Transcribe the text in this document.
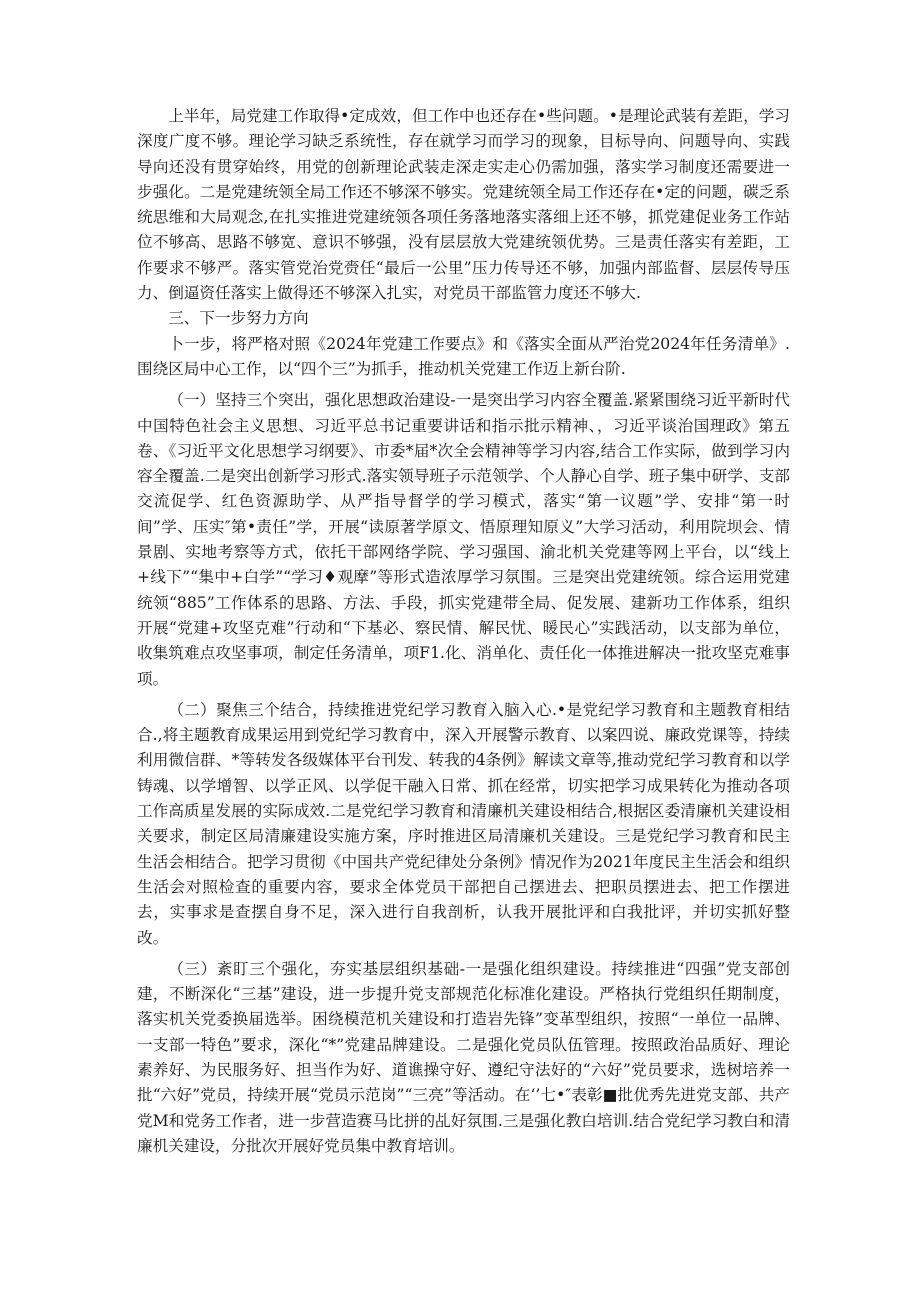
上半年，局党建工作取得•定成效，但工作中也还存在•些问题。•是理论武装有差距，学习深度广度不够。理论学习缺乏系统性，存在就学习而学习的现象，目标导向、问题导向、实践导向还没有贯穿始终，用党的创新理论武装走深走实走心仍需加强，落实学习制度还需要进一步强化。二是党建统领全局工作还不够深不够实。党建统领全局工作还存在•定的问题，碳乏系统思维和大局观念,在扎实推进党建统领各项任务落地落实落细上还不够，抓党建促业务工作站位不够高、思路不够宽、意识不够强，没有层层放大党建统领优势。三是责任落实有差距，工作要求不够严。落实管党治党赍任“最后一公里”压力传导还不够，加强内部监督、层层传导压力、倒逼资任落实上做得还不够深入扎实，对党员干部监管力度还不够大.

三、下一步努力方向

卜一步，将严格对照《2024年党建工作要点》和《落实全面从严治党2024年任务清单》.围绕区局中心工作，以“四个三”为抓手，推动机关党建工作迈上新台阶.

（一）坚持三个突出，强化思想政治建设-一是突出学习内容全覆盖.紧紧围绕习近平新时代中国特色社会主义思想、习近平总书记重要讲话和指示批示精神、，习近平谈治国理政》第五卷、《习近平文化思想学习纲要》、市委*届*次全会精神等学习内容,结合工作实际，做到学习内容全覆盖.二是突出创新学习形式.落实领导班子示范领学、个人静心自学、班子集中研学、支部交流促学、红色资源助学、从严指导督学的学习模式，落实“第一议题”学、安排“第一时间”学、压实″第•责任”学，开展“读原著学原文、悟原理知原义”大学习活动，利用院坝会、情景剧、实地考察等方式，依托干部网络学院、学习强国、渝北机关党建等网上平台，以“线上+线下”“集中+白学”“学习♦观摩”等形式造浓厚学习氛围。三是突出党建统领。综合运用党建统领“885”工作体系的思路、方法、手段，抓实党建带全局、促发展、建新功工作体系，组织开展“党建+攻坚克难”行动和“下基必、察民情、解民忧、暖民心”实践活动，以支部为单位，收集筑难点攻坚事项，制定任务清单，项F1.化、消单化、责任化一体推进解决一批攻坚克难事项。

（二）聚焦三个结合，持续推进党纪学习教育入脑入心.•是党纪学习教育和主题教育相结合.,将主题教育成果运用到党纪学习教育中，深入开展警示教育、以案四说、廉政党课等，持续利用微信群、*等转发各级媒体平台刊发、转我的4条例》解读文章等,推动党纪学习教育和以学铸魂、以学增智、以学正风、以学促干融入日常、抓在经常，切实把学习成果转化为推动各项工作高质星发展的实际成效.二是党纪学习教育和清廉机关建设相结合,根据区委清廉机关建设相关要求，制定区局清廉建设实施方案，序时推进区局清廉机关建设。三是党纪学习教育和民主生活会相结合。把学习贯彻《中国共产党纪律处分条例》情况作为2021年度民主生活会和组织生活会对照检查的重要内容，要求全体党员干部把自己摆进去、把职员摆进去、把工作摆进去，实事求是查摆自身不足，深入进行自我剖析，认我开展批评和白我批评，并切实抓好整改。

（三）紊盯三个强化，夯实基层组织基础-一是强化组织建设。持续推进“四强”党支部创建，不断深化“三基”建设，进一步提升党支部规范化标准化建设。严格执行党组织任期制度，落实机关党委换届选举。困绕模范机关建设和打造岩先锋”变革型组织，按照“一单位一品牌、一支部一特色”要求，深化“*”党建品牌建设。二是强化党员队伍管理。按照政治品质好、理论素养好、为民服务好、担当作为好、道谯操守好、遵纪守法好的“六好”党员要求，选树培养一批“六好”党员，持续开展“党员示范岗”“三亮”等活动。在‘’七•″表彰■批优秀先进党支部、共产党M和党务工作者，进一步营造赛马比拼的乩好氛围.三是强化教白培训.结合党纪学习教白和清廉机关建设，分批次开展好党员集中教育培训。
